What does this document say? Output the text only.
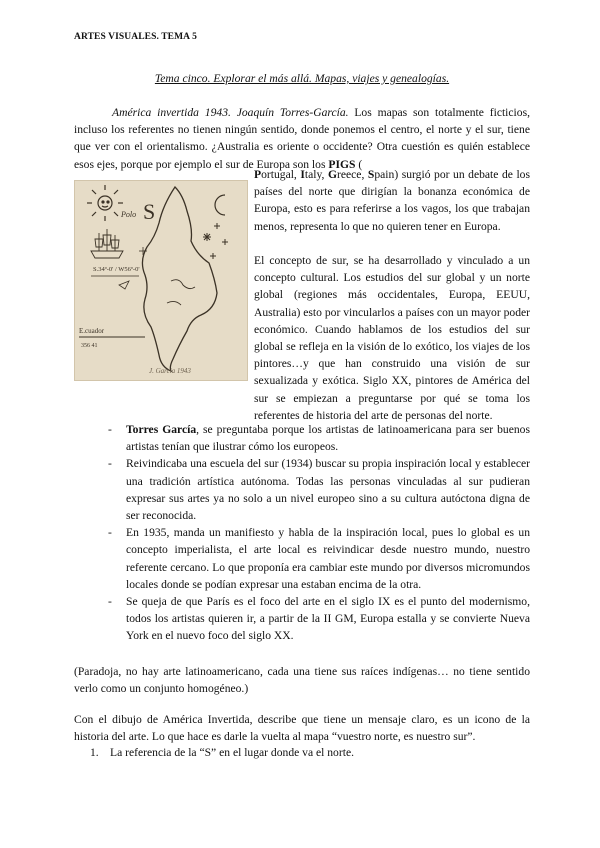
ARTES VISUALES. TEMA 5
Tema cinco. Explorar el más allá. Mapas, viajes y genealogías.

América invertida 1943. Joaquín Torres-García. Los mapas son totalmente ficticios, incluso los referentes no tienen ningún sentido, donde ponemos el centro, el norte y el sur, tiene que ver con el orientalismo. ¿Australia es oriente o occidente? Otra cuestión es quién establece esos ejes, porque por ejemplo el sur de Europa son los PIGS (

Portugal, Italy, Greece, Spain) surgió por un debate de los países del norte que dirigían la bonanza económica de Europa, esto es para referirse a los vagos, los que trabajan menos, representa lo que no quieren tener en Europa.

S
Polo
S.34º-0' / W56º-0'
E.cuador
356 41
J. Garcia 1943

El concepto de sur, se ha desarrollado y vinculado a un concepto cultural. Los estudios del sur global y un norte global (regiones más occidentales, Europa, EEUU, Australia) esto por vincularlos a países con un mayor poder económico. Cuando hablamos de los estudios del sur global se refleja en la visión de lo exótico, los viajes de los pintores…y que han construido una visión de sur sexualizada y exótica. Siglo XX, pintores de América del sur se empiezan a preguntarse por qué se toma los referentes de historia del arte de personas del norte.

- Torres García, se preguntaba porque los artistas de latinoamericana para ser buenos artistas tenían que ilustrar cómo los europeos.
- Reivindicaba una escuela del sur (1934) buscar su propia inspiración local y establecer una tradición artística autónoma. Todas las personas vinculadas al sur pudieran expresar sus artes ya no solo a un nivel europeo sino a su cultura autóctona digna de ser reconocida.
- En 1935, manda un manifiesto y habla de la inspiración local, pues lo global es un concepto imperialista, el arte local es reivindicar desde nuestro mundo, nuestro referente cercano. Lo que proponía era cambiar este mundo por diversos micromundos locales donde se podían expresar una estaban encima de la otra.
- Se queja de que París es el foco del arte en el siglo IX es el punto del modernismo, todos los artistas quieren ir, a partir de la II GM, Europa estalla y se convierte Nueva York en el nuevo foco del siglo XX.

(Paradoja, no hay arte latinoamericano, cada una tiene sus raíces indígenas… no tiene sentido verlo como un conjunto homogéneo.)

Con el dibujo de América Invertida, describe que tiene un mensaje claro, es un icono de la historia del arte. Lo que hace es darle la vuelta al mapa “vuestro norte, es nuestro sur”.

1. La referencia de la “S” en el lugar donde va el norte.
